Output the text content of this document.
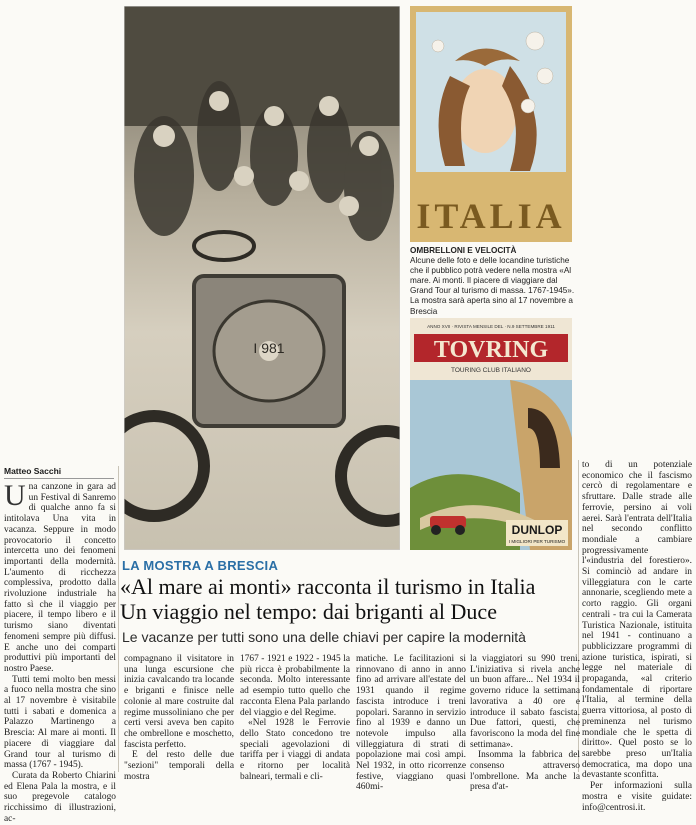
I 981
ITALIA
OMBRELLONI E VELOCITÀ
Alcune delle foto e delle locandine turistiche che il pubblico potrà vedere nella mostra «Al mare. Ai monti. Il piacere di viaggiare dal Grand Tour al turismo di massa. 1767-1945». La mostra sarà aperta sino al 17 novembre a Brescia
ANNO XVII · RIVISTA MENSILE DEL · N.9 SETTEMBRE 1911
TOVRING
TOURING CLUB ITALIANO
DUNLOP
I MIGLIORI PER TURISMO
Matteo Sacchi

Una canzone in gara ad un Festival di Sanremo di qualche anno fa si intitolava Una vita in vacanza. Seppure in modo provocatorio il concetto intercetta uno dei fenomeni importanti della modernità. L'aumento di ricchezza complessiva, prodotto dalla rivoluzione industriale ha fatto sì che il viaggio per piacere, il tempo libero e il turismo siano diventati fenomeni sempre più diffusi. E anche uno dei comparti produttivi più importanti del nostro Paese.

Tutti temi molto ben messi a fuoco nella mostra che sino al 17 novembre è visitabile tutti i sabati e domenica a Palazzo Martinengo a Brescia: Al mare ai monti. Il piacere di viaggiare dal Grand tour al turismo di massa (1767 - 1945).

Curata da Roberto Chiarini ed Elena Pala la mostra, e il suo pregevole catalogo ricchissimo di illustrazioni, ac-

LA MOSTRA A BRESCIA
«Al mare ai monti» racconta il turismo in Italia
Un viaggio nel tempo: dai briganti al Duce
Le vacanze per tutti sono una delle chiavi per capire la modernità

compagnano il visitatore in una lunga escursione che inizia cavalcando tra locande e briganti e finisce nelle colonie al mare costruite dal regime mussoliniano che per certi versi aveva ben capito che ombrellone e moschetto, fascista perfetto.

E del resto delle due "sezioni" temporali della mostra

1767 - 1921 e 1922 - 1945 la più ricca è probabilmente la seconda. Molto interessante ad esempio tutto quello che racconta Elena Pala parlando del viaggio e del Regime.

«Nel 1928 le Ferrovie dello Stato concedono tre speciali agevolazioni di tariffa per i viaggi di andata e ritorno per località balneari, termali e cli-

matiche. Le facilitazioni si rinnovano di anno in anno fino ad arrivare all'estate del 1931 quando il regime fascista introduce i treni popolari. Saranno in servizio fino al 1939 e danno un notevole impulso alla villeggiatura di strati di popolazione mai così ampi. Nel 1932, in otto ricorrenze festive, viaggiano quasi 460mi-

la viaggiatori su 990 treni. L'iniziativa si rivela anche un buon affare... Nel 1934 il governo riduce la settimana lavorativa a 40 ore e introduce il sabato fascista. Due fattori, questi, che favoriscono la moda del fine settimana».

Insomma la fabbrica del consenso attraverso l'ombrellone. Ma anche la presa d'at-

to di un potenziale economico che il fascismo cercò di regolamentare e sfruttare. Dalle strade alle ferrovie, persino ai voli aerei. Sarà l'entrata dell'Italia nel secondo conflitto mondiale a cambiare progressivamente l'«industria del forestiero». Si cominciò ad andare in villeggiatura con le carte annonarie, scegliendo mete a corto raggio. Gli organi centrali - tra cui la Camerata Turistica Nazionale, istituita nel 1941 - continuano a pubblicizzare programmi di azione turistica, ispirati, si legge nel materiale di propaganda, «al criterio fondamentale di riportare l'Italia, al termine della guerra vittoriosa, al posto di preminenza nel turismo mondiale che le spetta di diritto». Quel posto se lo sarebbe preso un'Italia democratica, ma dopo una devastante sconfitta.

Per informazioni sulla mostra e visite guidate: info@centrosi.it.
